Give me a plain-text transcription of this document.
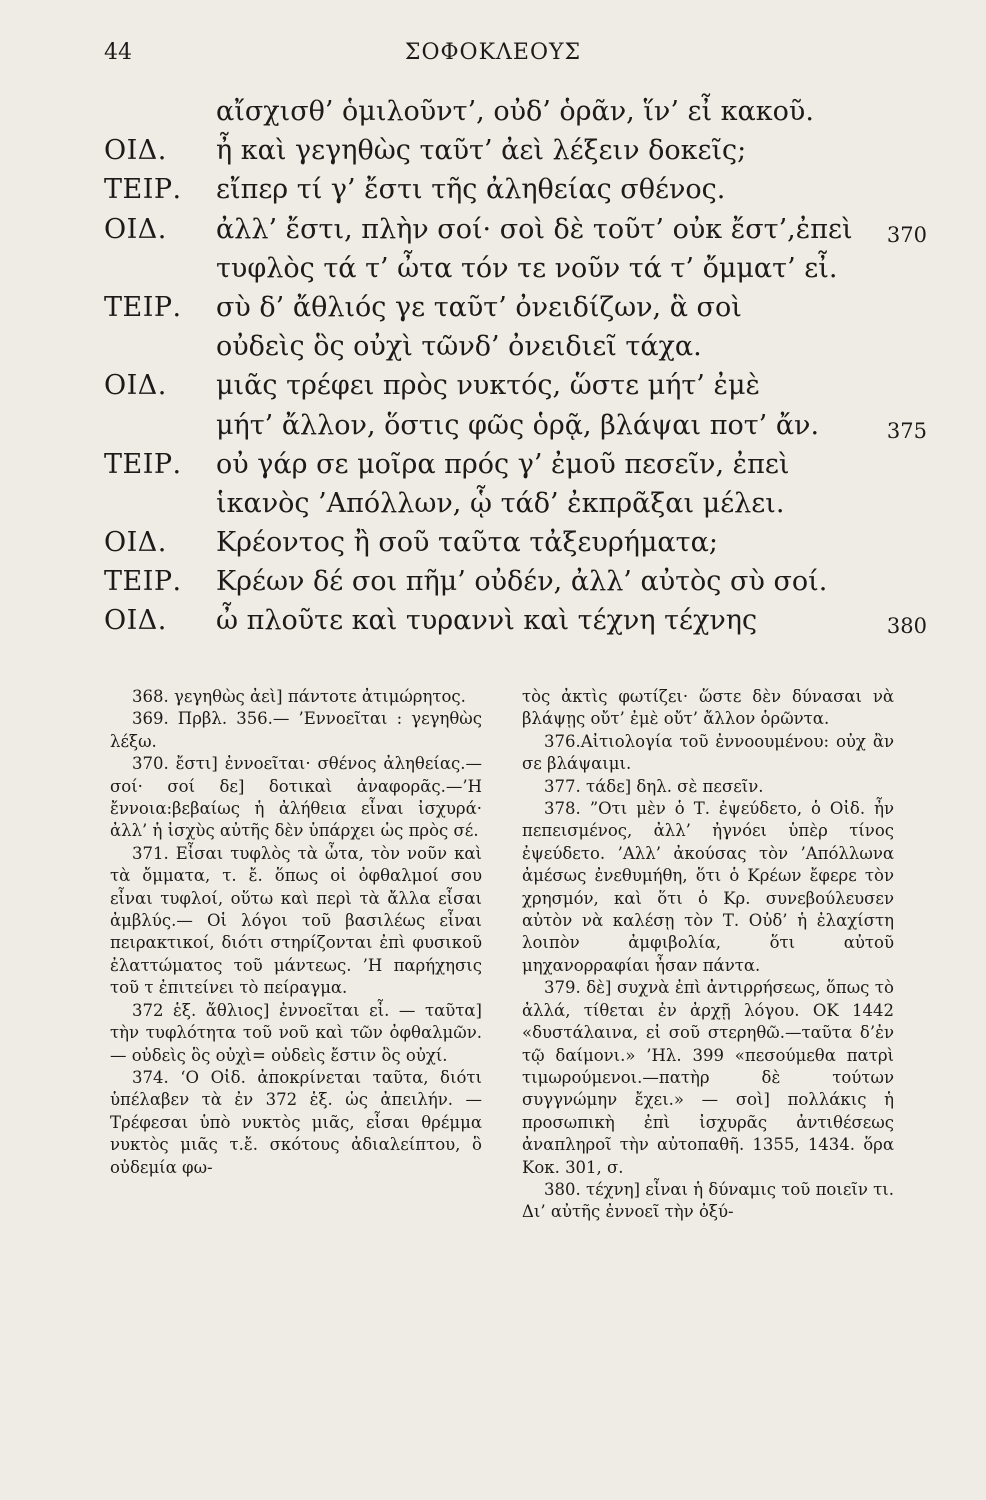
44	ΣΟΦΟΚΛΕΟΥΣ
αἴσχισθ’ ὁμιλοῦντ’, οὐδ’ ὁρᾶν, ἵν’ εἶ κακοῦ.
ΟΙΔ. ἦ καὶ γεγηθὼς ταῦτ’ ἀεὶ λέξειν δοκεῖς;
ΤΕΙΡ. εἴπερ τί γ’ ἔστι τῆς ἀληθείας σθένος.
ΟΙΔ. ἀλλ’ ἔστι, πλὴν σοί· σοὶ δὲ τοῦτ’ οὐκ ἔστ’,ἐπεὶ 370
τυφλὸς τά τ’ ὦτα τόν τε νοῦν τά τ’ ὄμματ’ εἶ.
ΤΕΙΡ. σὺ δ’ ἄθλιός γε ταῦτ’ ὀνειδίζων, ἃ σοὶ
οὐδεὶς ὃς οὐχὶ τῶνδ’ ὀνειδιεῖ τάχα.
ΟΙΔ. μιᾶς τρέφει πρὸς νυκτός, ὥστε μήτ’ ἐμὲ
μήτ’ ἄλλον, ὅστις φῶς ὁρᾷ, βλάψαι ποτ’ ἄν.	375
ΤΕΙΡ. οὐ γάρ σε μοῖρα πρός γ’ ἐμοῦ πεσεῖν, ἐπεὶ
ἱκανὸς ’Απόλλων, ᾧ τάδ’ ἐκπρᾶξαι μέλει.
ΟΙΔ. Κρέοντος ἢ σοῦ ταῦτα τἀξευρήματα;
ΤΕΙΡ. Κρέων δέ σοι πῆμ’ οὐδέν, ἀλλ’ αὐτὸς σὺ σοί.
ΟΙΔ. ὦ πλοῦτε καὶ τυραννὶ καὶ τέχνη τέχνης	380

368. γεγηθὼς ἀεὶ] πάντοτε ἀτιμώρητος.

369. Πρβλ. 356.— ’Εννοεῖται : γεγηθὼς λέξω.

370. ἔστι] ἐννοεῖται· σθένος ἀληθείας.—σοί· σοί δε] δοτικαὶ ἀναφορᾶς.—’Η ἔννοια:βεβαίως ἡ ἀλήθεια εἶναι ἰσχυρά· ἀλλ’ ἡ ἰσχὺς αὐτῆς δὲν ὑπάρχει ὡς πρὸς σέ.

371. Εἶσαι τυφλὸς τὰ ὦτα, τὸν νοῦν καὶ τὰ ὄμματα, τ. ἔ. ὅπως οἱ ὀφθαλμοί σου εἶναι τυφλοί, οὕτω καὶ περὶ τὰ ἄλλα εἶσαι ἀμβλύς.— Οἱ λόγοι τοῦ βασιλέως εἶναι πειρακτικοί, διότι στηρίζονται ἐπὶ φυσικοῦ ἐλαττώματος τοῦ μάντεως. ’Η παρήχησις τοῦ τ ἐπιτείνει τὸ πείραγμα.

372 ἑξ. ἄθλιος] ἐννοεῖται εἶ. — ταῦτα] τὴν τυφλότητα τοῦ νοῦ καὶ τῶν ὀφθαλμῶν. — οὐδεὶς ὃς οὐχὶ= οὐδεὶς ἔστιν ὃς οὐχί.

374. ‘Ο Οἰδ. ἀποκρίνεται ταῦτα, διότι ὑπέλαβεν τὰ ἐν 372 ἑξ. ὡς ἀπειλήν. — Τρέφεσαι ὑπὸ νυκτὸς μιᾶς, εἶσαι θρέμμα νυκτὸς μιᾶς τ.ἔ. σκότους ἀδιαλείπτου, ὃ οὐδεμία φω-

τὸς ἀκτὶς φωτίζει· ὥστε δὲν δύνασαι νὰ βλάψῃς οὔτ’ ἐμὲ οὔτ’ ἄλλον ὁρῶντα.

376.Αἰτιολογία τοῦ ἐννοουμένου: οὐχ ἂν σε βλάψαιμι.

377. τάδε] δηλ. σὲ πεσεῖν.

378. ”Οτι μὲν ὁ Τ. ἐψεύδετο, ὁ Οἰδ. ἦν πεπεισμένος, ἀλλ’ ἠγνόει ὑπὲρ τίνος ἐψεύδετο. ’Αλλ’ ἀκούσας τὸν ’Απόλλωνα ἀμέσως ἐνεθυμήθη, ὅτι ὁ Κρέων ἔφερε τὸν χρησμόν, καὶ ὅτι ὁ Κρ. συνεβούλευσεν αὐτὸν νὰ καλέσῃ τὸν Τ. Οὐδ’ ἡ ἐλαχίστη λοιπὸν ἀμφιβολία, ὅτι αὐτοῦ μηχανορραφίαι ἦσαν πάντα.

379. δὲ] συχνὰ ἐπὶ ἀντιρρήσεως, ὅπως τὸ ἀλλά, τίθεται ἐν ἀρχῇ λόγου. ΟΚ 1442 «δυστάλαινα, εἰ σοῦ στερηθῶ.—ταῦτα δ’ἐν τῷ δαίμονι.» ’Ηλ. 399 «πεσούμεθα πατρὶ τιμωρούμενοι.—πατὴρ δὲ τούτων συγγνώμην ἔχει.» — σοὶ] πολλάκις ἡ προσωπικὴ ἐπὶ ἰσχυρᾶς ἀντιθέσεως ἀναπληροῖ τὴν αὐτοπαθῆ. 1355, 1434. ὅρα Κοκ. 301, σ.

380. τέχνη] εἶναι ἡ δύναμις τοῦ ποιεῖν τι. Δι’ αὐτῆς ἐννοεῖ τὴν ὀξύ-
